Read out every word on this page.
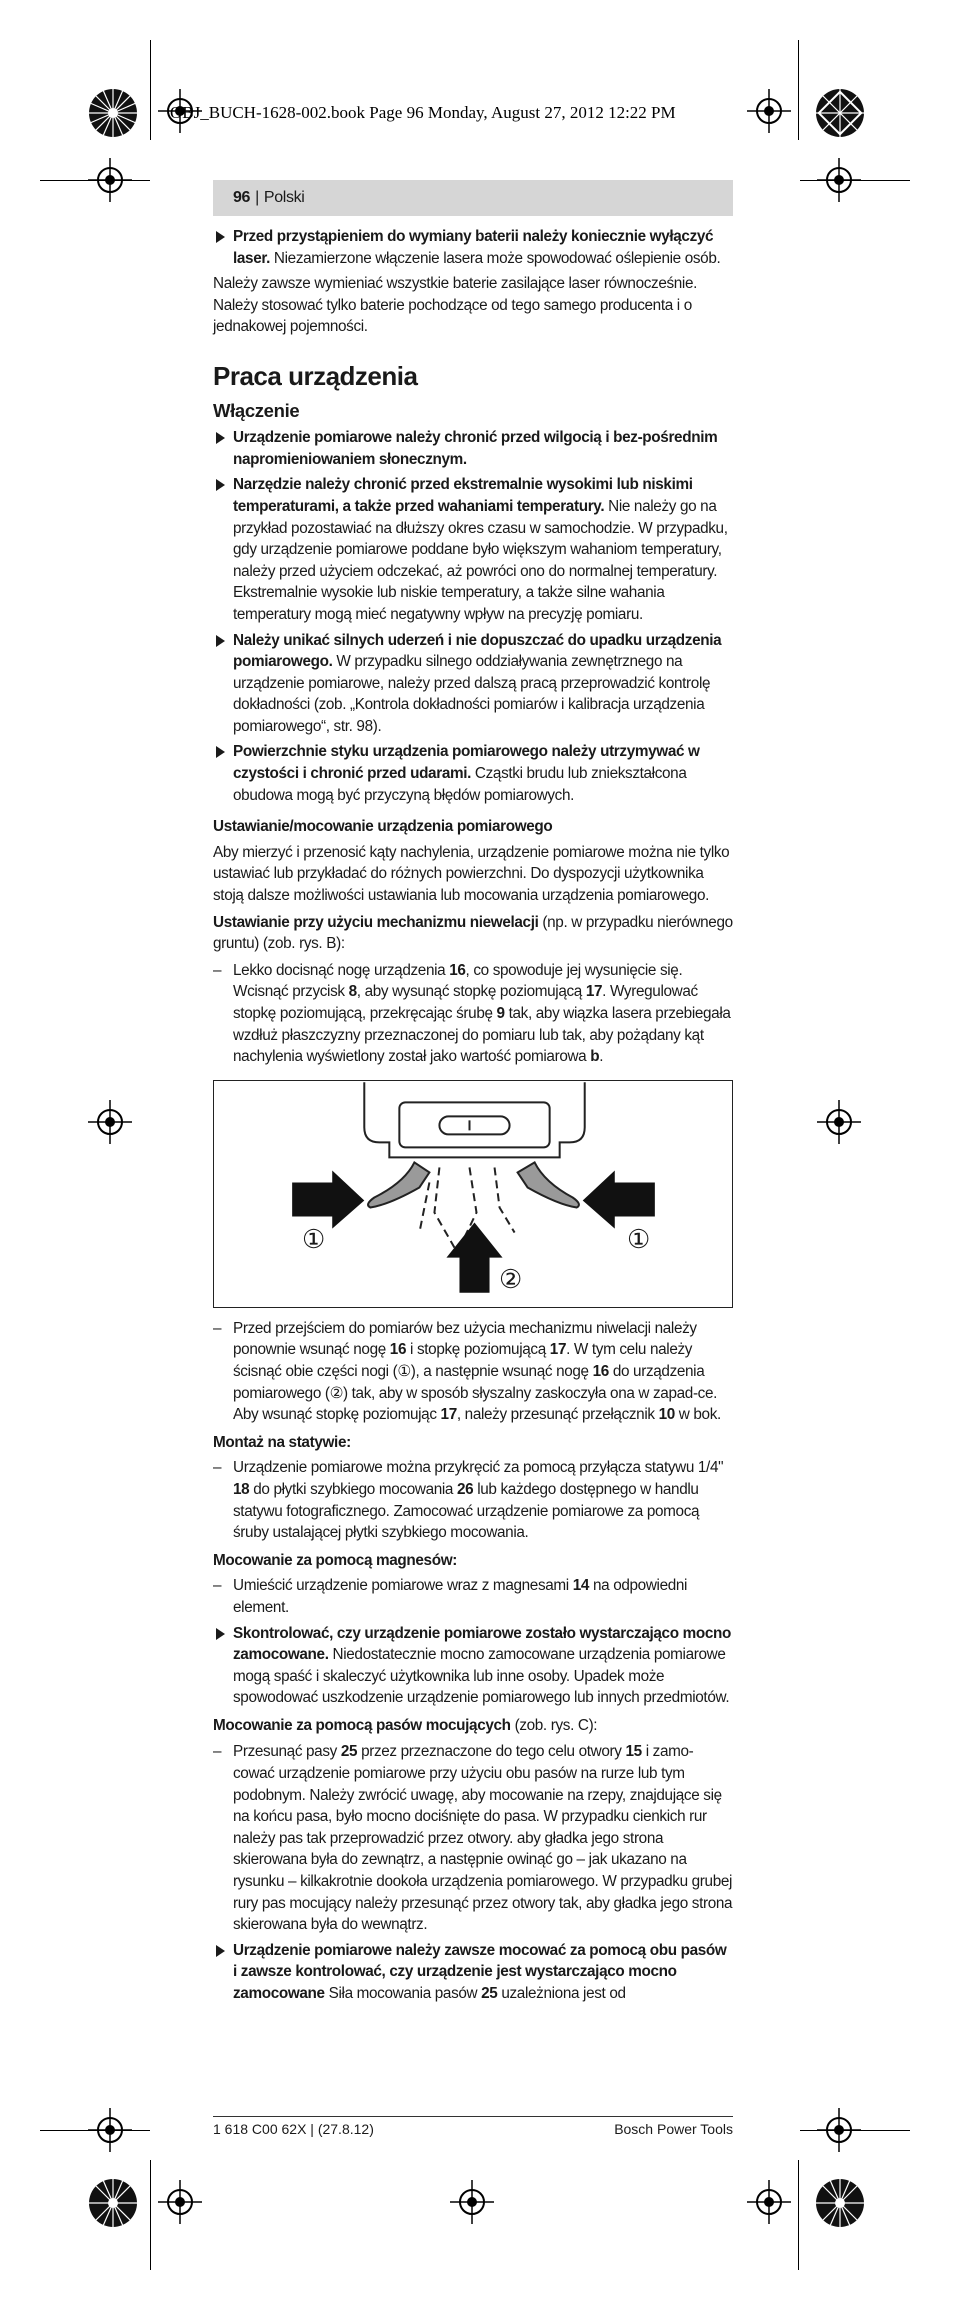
OBJ_BUCH-1628-002.book Page 96 Monday, August 27, 2012 12:22 PM
96 | Polski
Przed przystąpieniem do wymiany baterii należy koniecznie wyłączyć laser. Niezamierzone włączenie lasera może spowodować oślepienie osób.

Należy zawsze wymieniać wszystkie baterie zasilające laser równocześnie. Należy stosować tylko baterie pochodzące od tego samego producenta i o jednakowej pojemności.

Praca urządzenia
Włączenie
Urządzenie pomiarowe należy chronić przed wilgocią i bez-pośrednim napromieniowaniem słonecznym.
Narzędzie należy chronić przed ekstremalnie wysokimi lub niskimi temperaturami, a także przed wahaniami temperatury. Nie należy go na przykład pozostawiać na dłuższy okres czasu w samochodzie. W przypadku, gdy urządzenie pomiarowe poddane było większym wahaniom temperatury, należy przed użyciem odczekać, aż powróci ono do normalnej temperatury. Ekstremalnie wysokie lub niskie temperatury, a także silne wahania temperatury mogą mieć negatywny wpływ na precyzję pomiaru.
Należy unikać silnych uderzeń i nie dopuszczać do upadku urządzenia pomiarowego. W przypadku silnego oddziaływania zewnętrznego na urządzenie pomiarowe, należy przed dalszą pracą przeprowadzić kontrolę dokładności (zob. „Kontrola dokładności pomiarów i kalibracja urządzenia pomiarowego“, str. 98).
Powierzchnie styku urządzenia pomiarowego należy utrzymywać w czystości i chronić przed udarami. Cząstki brudu lub zniekształcona obudowa mogą być przyczyną błędów pomiarowych.
Ustawianie/mocowanie urządzenia pomiarowego

Aby mierzyć i przenosić kąty nachylenia, urządzenie pomiarowe można nie tylko ustawiać lub przykładać do różnych powierzchni. Do dyspozycji użytkownika stoją dalsze możliwości ustawiania lub mocowania urządzenia pomiarowego.

Ustawianie przy użyciu mechanizmu niewelacji (np. w przypadku nierównego gruntu) (zob. rys. B):

– Lekko docisnąć nogę urządzenia 16, co spowoduje jej wysunięcie się. Wcisnąć przycisk 8, aby wysunąć stopkę poziomującą 17. Wyregulować stopkę poziomującą, przekręcając śrubę 9 tak, aby wiązka lasera przebiegała wzdłuż płaszczyzny przeznaczonej do pomiaru lub tak, aby pożądany kąt nachylenia wyświetlony został jako wartość pomiarowa b.
①	①
②
– Przed przejściem do pomiarów bez użycia mechanizmu niwelacji należy ponownie wsunąć nogę 16 i stopkę poziomującą 17. W tym celu należy ścisnąć obie części nogi (①), a następnie wsunąć nogę 16 do urządzenia pomiarowego (②) tak, aby w sposób słyszalny zaskoczyła ona w zapad-ce. Aby wsunąć stopkę poziomując 17, należy przesunąć przełącznik 10 w bok.
Montaż na statywie:
– Urządzenie pomiarowe można przykręcić za pomocą przyłącza statywu 1/4" 18 do płytki szybkiego mocowania 26 lub każdego dostępnego w handlu statywu fotograficznego. Zamocować urządzenie pomiarowe za pomocą śruby ustalającej płytki szybkiego mocowania.
Mocowanie za pomocą magnesów:
– Umieścić urządzenie pomiarowe wraz z magnesami 14 na odpowiedni element.
Skontrolować, czy urządzenie pomiarowe zostało wystarczająco mocno zamocowane. Niedostatecznie mocno zamocowane urządzenia pomiarowe mogą spaść i skaleczyć użytkownika lub inne osoby. Upadek może spowodować uszkodzenie urządzenie pomiarowego lub innych przedmiotów.

Mocowanie za pomocą pasów mocujących (zob. rys. C):

– Przesunąć pasy 25 przez przeznaczone do tego celu otwory 15 i zamo-cować urządzenie pomiarowe przy użyciu obu pasów na rurze lub tym podobnym. Należy zwrócić uwagę, aby mocowanie na rzepy, znajdujące się na końcu pasa, było mocno dociśnięte do pasa. W przypadku cienkich rur należy pas tak przeprowadzić przez otwory. aby gładka jego strona skierowana była do zewnątrz, a następnie owinąć go – jak ukazano na rysunku – kilkakrotnie dookoła urządzenia pomiarowego. W przypadku grubej rury pas mocujący należy przesunąć przez otwory tak, aby gładka jego strona skierowana była do wewnątrz.
Urządzenie pomiarowe należy zawsze mocować za pomocą obu pasów i zawsze kontrolować, czy urządzenie jest wystarczająco mocno zamocowane Siła mocowania pasów 25 uzależniona jest od
1 618 C00 62X | (27.8.12)	Bosch Power Tools
